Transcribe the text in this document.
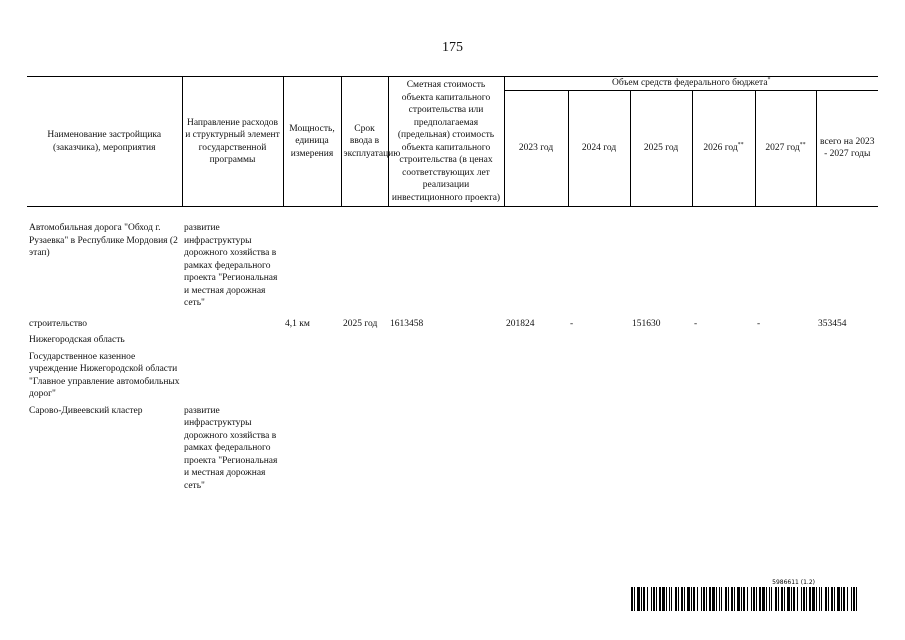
175
Наименование застройщика (заказчика), мероприятия	Направление расходов и структурный элемент государственной программы	Мощность, единица измерения	Срок ввода в эксплуатацию	Сметная стоимость объекта капитального строительства или предполагаемая (предельная) стоимость объекта капитального строительства (в ценах соответствующих лет реализации инвестиционного проекта)	Объем средств федерального бюджета*
					2023 год	2024 год	2025 год	2026 год**	2027 год**	всего на 2023 - 2027 годы

Автомобильная дорога "Обход г. Рузаевка" в Республике Мордовия (2 этап)	развитие инфраструктуры дорожного хозяйства в рамках федерального проекта "Региональная и местная дорожная сеть"									

строительство		4,1 км	2025 год	1613458	201824	-	151630	-	-	353454

Нижегородская область										

Государственное казенное учреждение Нижегородской области "Главное управление автомобильных дорог"										

Сарово-Дивеевский кластер	развитие инфраструктуры дорожного хозяйства в рамках федерального проекта "Региональная и местная дорожная сеть"									
5986611 (1.2)
